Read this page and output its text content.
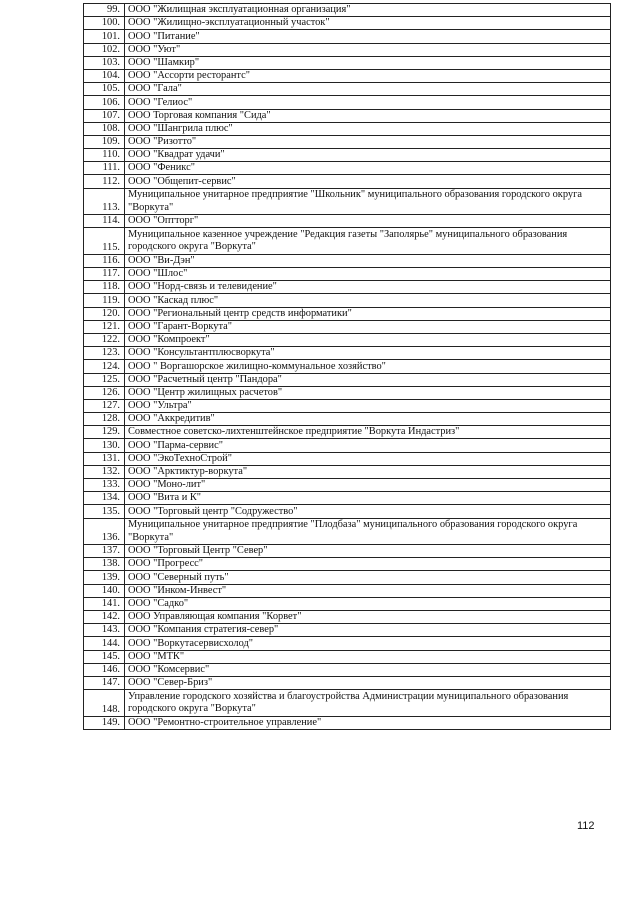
99.	ООО "Жилищная эксплуатационная организация"
100.	ООО "Жилищно-эксплуатационный участок"
101.	ООО "Питание"
102.	ООО "Уют"
103.	ООО "Шамкир"
104.	ООО "Ассорти ресторантс"
105.	ООО "Гала"
106.	ООО "Гелиос"
107.	ООО Торговая компания "Сида"
108.	ООО "Шангрила плюс"
109.	ООО "Ризотто"
110.	ООО "Квадрат удачи"
111.	ООО "Феникс"
112.	ООО "Общепит-сервис"
113.	Муниципальное унитарное предприятие "Школьник" муниципального образования городского округа "Воркута"
114.	ООО "Оптторг"
115.	Муниципальное казенное учреждение "Редакция газеты "Заполярье" муниципального образования городского округа "Воркута"
116.	ООО "Ви-Дэн"
117.	ООО "Шлос"
118.	ООО "Норд-связь и телевидение"
119.	ООО "Каскад плюс"
120.	ООО "Региональный центр средств информатики"
121.	ООО "Гарант-Воркута"
122.	ООО "Компроект"
123.	ООО "Консультантплюсворкута"
124.	ООО " Воргашорское жилищно-коммунальное хозяйство"
125.	ООО "Расчетный центр "Пандора"
126.	ООО "Центр жилищных расчетов"
127.	ООО "Ультра"
128.	ООО "Аккредитив"
129.	Совместное советско-лихтенштейнское предприятие "Воркута Индастриз"
130.	ООО "Парма-сервис"
131.	ООО "ЭкоТехноСтрой"
132.	ООО "Арктиктур-воркута"
133.	ООО "Моно-лит"
134.	ООО "Вита и К"
135.	ООО "Торговый центр "Содружество"
136.	Муниципальное унитарное предприятие "Плодбаза" муниципального образования городского округа "Воркута"
137.	ООО "Торговый Центр "Север"
138.	ООО "Прогресс"
139.	ООО "Северный путь"
140.	ООО "Инком-Инвест"
141.	ООО "Садко"
142.	ООО Управляющая компания "Корвет"
143.	ООО "Компания стратегия-север"
144.	ООО "Воркутасервисхолод"
145.	ООО "МТК"
146.	ООО "Комсервис"
147.	ООО "Север-Бриз"
148.	Управление городского хозяйства и благоустройства Администрации муниципального образования городского округа "Воркута"
149.	ООО "Ремонтно-строительное управление"
112
